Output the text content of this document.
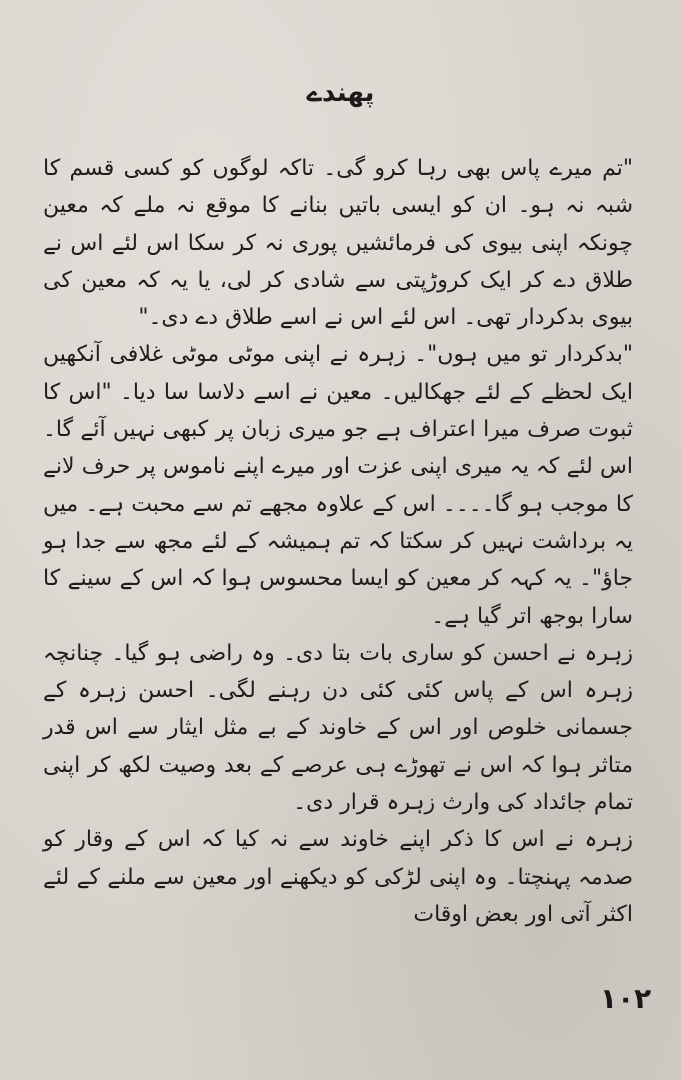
پھندے

"تم میرے پاس بھی رہا کرو گی۔ تاکہ لوگوں کو کسی قسم کا شبہ نہ ہو۔ ان کو ایسی باتیں بنانے کا موقع نہ ملے کہ معین چونکہ اپنی بیوی کی فرمائشیں پوری نہ کر سکا اس لئے اس نے طلاق دے کر ایک کروڑپتی سے شادی کر لی، یا یہ کہ معین کی بیوی بدکردار تھی۔ اس لئے اس نے اسے طلاق دے دی۔"

"بدکردار تو میں ہوں"۔ زہرہ نے اپنی موٹی موٹی غلافی آنکھیں ایک لحظے کے لئے جھکالیں۔ معین نے اسے دلاسا سا دیا۔ "اس کا ثبوت صرف میرا اعتراف ہے جو میری زبان پر کبھی نہیں آئے گا۔ اس لئے کہ یہ میری اپنی عزت اور میرے اپنے ناموس پر حرف لانے کا موجب ہو گا۔۔۔۔ اس کے علاوہ مجھے تم سے محبت ہے۔ میں یہ برداشت نہیں کر سکتا کہ تم ہمیشہ کے لئے مجھ سے جدا ہو جاؤ"۔ یہ کہہ کر معین کو ایسا محسوس ہوا کہ اس کے سینے کا سارا بوجھ اتر گیا ہے۔

زہرہ نے احسن کو ساری بات بتا دی۔ وہ راضی ہو گیا۔ چنانچہ زہرہ اس کے پاس کئی کئی دن رہنے لگی۔ احسن زہرہ کے جسمانی خلوص اور اس کے خاوند کے بے مثل ایثار سے اس قدر متاثر ہوا کہ اس نے تھوڑے ہی عرصے کے بعد وصیت لکھ کر اپنی تمام جائداد کی وارث زہرہ قرار دی۔

زہرہ نے اس کا ذکر اپنے خاوند سے نہ کیا کہ اس کے وقار کو صدمہ پہنچتا۔ وہ اپنی لڑکی کو دیکھنے اور معین سے ملنے کے لئے اکثر آتی اور بعض اوقات

۱۰۲
